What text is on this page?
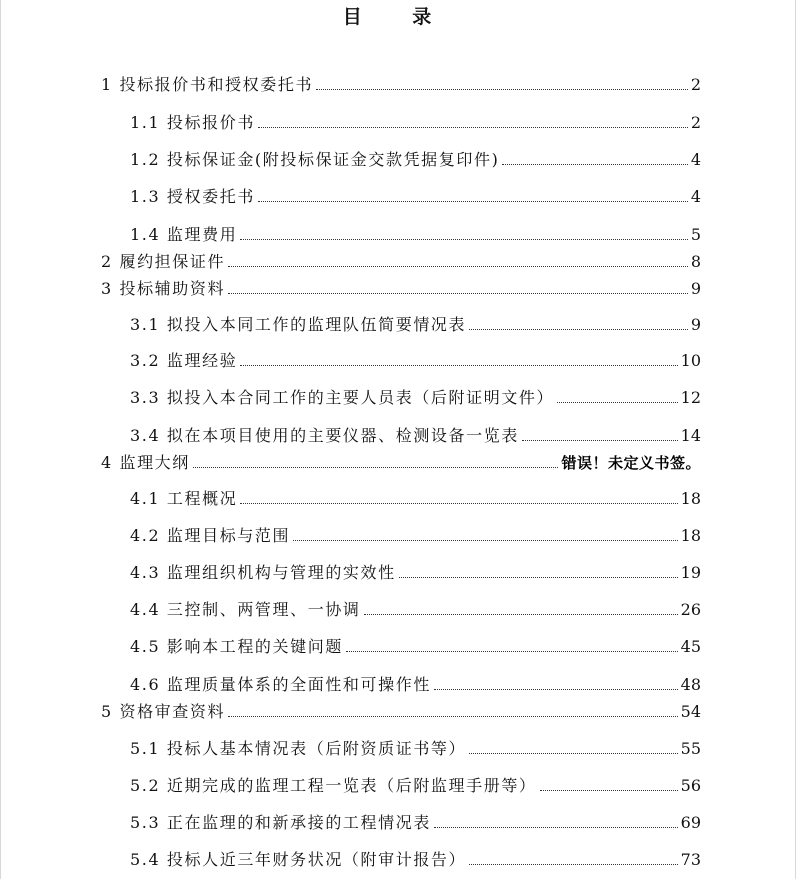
目 录
1 投标报价书和授权委托书	2
1.1 投标报价书	2
1.2 投标保证金(附投标保证金交款凭据复印件)	4
1.3 授权委托书	4
1.4 监理费用	5
2 履约担保证件	8
3 投标辅助资料	9
3.1 拟投入本同工作的监理队伍简要情况表	9
3.2 监理经验	10
3.3 拟投入本合同工作的主要人员表（后附证明文件）	12
3.4 拟在本项目使用的主要仪器、检测设备一览表	14
4 监理大纲	错误！未定义书签。
4.1 工程概况	18
4.2 监理目标与范围	18
4.3 监理组织机构与管理的实效性	19
4.4 三控制、两管理、一协调	26
4.5 影响本工程的关键问题	45
4.6 监理质量体系的全面性和可操作性	48
5 资格审查资料	54
5.1 投标人基本情况表（后附资质证书等）	55
5.2 近期完成的监理工程一览表（后附监理手册等）	56
5.3 正在监理的和新承接的工程情况表	69
5.4 投标人近三年财务状况（附审计报告）	73
